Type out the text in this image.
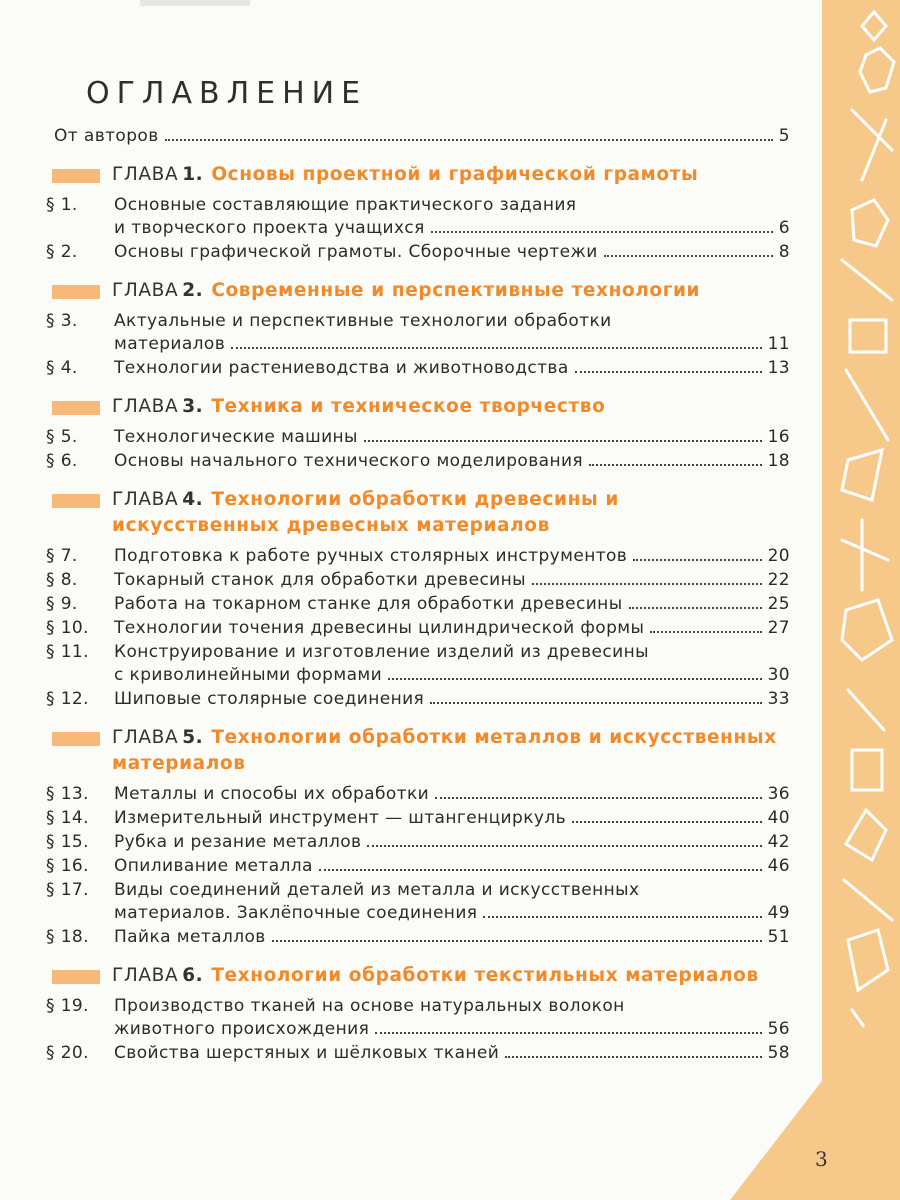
ОГЛАВЛЕНИЕ
От авторов	5
ГЛАВА 1. Основы проектной и графической грамоты
§ 1.	Основные составляющие практического задания
и творческого проекта учащихся	6
§ 2.	Основы графической грамоты. Сборочные чертежи	8
ГЛАВА 2. Современные и перспективные технологии
§ 3.	Актуальные и перспективные технологии обработки
материалов	11
§ 4.	Технологии растениеводства и животноводства	13
ГЛАВА 3. Техника и техническое творчество
§ 5.	Технологические машины	16
§ 6.	Основы начального технического моделирования	18
ГЛАВА 4. Технологии обработки древесины и искусственных древесных материалов
§ 7.	Подготовка к работе ручных столярных инструментов	20
§ 8.	Токарный станок для обработки древесины	22
§ 9.	Работа на токарном станке для обработки древесины	25
§ 10.	Технологии точения древесины цилиндрической формы	27
§ 11.	Конструирование и изготовление изделий из древесины
с криволинейными формами	30
§ 12.	Шиповые столярные соединения	33
ГЛАВА 5. Технологии обработки металлов и искусственных материалов
§ 13.	Металлы и способы их обработки	36
§ 14.	Измерительный инструмент — штангенциркуль	40
§ 15.	Рубка и резание металлов	42
§ 16.	Опиливание металла	46
§ 17.	Виды соединений деталей из металла и искусственных
материалов. Заклёпочные соединения	49
§ 18.	Пайка металлов	51
ГЛАВА 6. Технологии обработки текстильных материалов
§ 19.	Производство тканей на основе натуральных волокон
животного происхождения	56
§ 20.	Свойства шерстяных и шёлковых тканей	58
3
